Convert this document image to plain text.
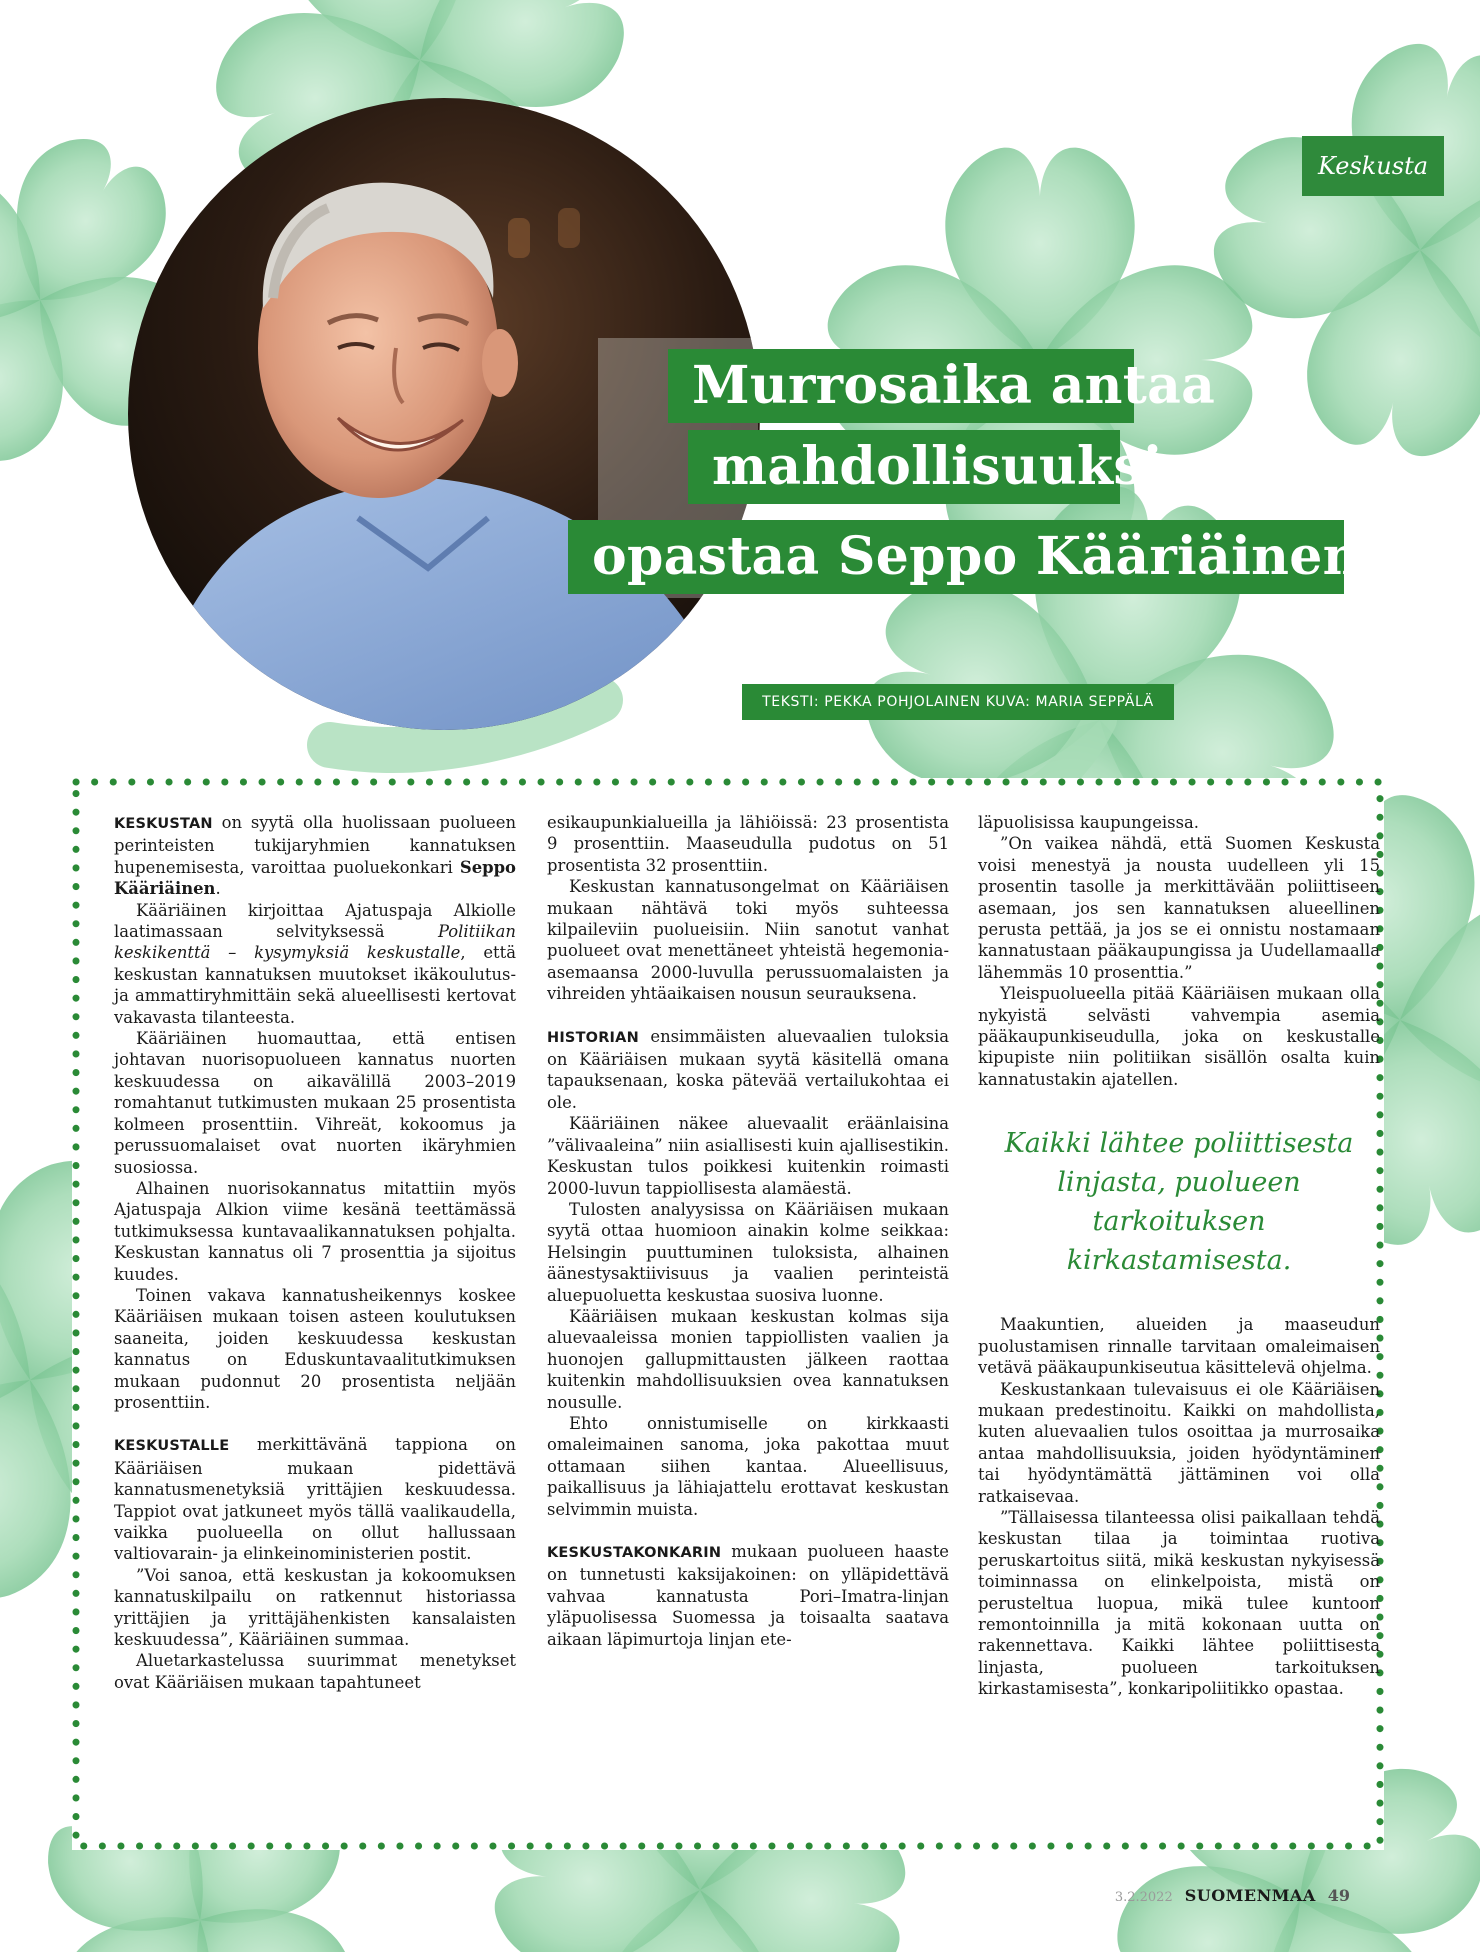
Keskusta
Murrosaika antaa
mahdollisuuksia,
opastaa Seppo Kääriäinen
TEKSTI: PEKKA POHJOLAINEN KUVA: MARIA SEPPÄLÄ

KESKUSTAN on syytä olla huolissaan puolueen perinteisten tukijaryhmien kannatuksen hupenemisesta, varoittaa puoluekonkari Seppo Kääriäinen.

Kääriäinen kirjoittaa Ajatuspaja Alkiolle laatimassaan selvityksessä Politiikan keskikenttä – kysymyksiä keskustalle, että keskustan kannatuksen muutokset ikäkoulutus- ja ammattiryhmittäin sekä alueellisesti kertovat vakavasta tilanteesta.

Kääriäinen huomauttaa, että entisen johtavan nuorisopuolueen kannatus nuorten keskuudessa on aikavälillä 2003–2019 romahtanut tutkimusten mukaan 25 prosentista kolmeen prosenttiin. Vihreät, kokoomus ja perussuomalaiset ovat nuorten ikäryhmien suosiossa.

Alhainen nuorisokannatus mitattiin myös Ajatuspaja Alkion viime kesänä teettämässä tutkimuksessa kuntavaalikannatuksen pohjalta. Keskustan kannatus oli 7 prosenttia ja sijoitus kuudes.

Toinen vakava kannatusheikennys koskee Kääriäisen mukaan toisen asteen koulutuksen saaneita, joiden keskuudessa keskustan kannatus on Eduskuntavaalitutkimuksen mukaan pudonnut 20 prosentista neljään prosenttiin.

KESKUSTALLE merkittävänä tappiona on Kääriäisen mukaan pidettävä kannatusmenetyksiä yrittäjien keskuudessa. Tappiot ovat jatkuneet myös tällä vaalikaudella, vaikka puolueella on ollut hallussaan valtiovarain- ja elinkeinoministerien postit.

”Voi sanoa, että keskustan ja kokoomuksen kannatuskilpailu on ratkennut historiassa yrittäjien ja yrittäjähenkisten kansalaisten keskuudessa”, Kääriäinen summaa.

Aluetarkastelussa suurimmat menetykset ovat Kääriäisen mukaan tapahtuneet

esikaupunkialueilla ja lähiöissä: 23 prosentista 9 prosenttiin. Maaseudulla pudotus on 51 prosentista 32 prosenttiin.

Keskustan kannatusongelmat on Kääriäisen mukaan nähtävä toki myös suhteessa kilpaileviin puolueisiin. Niin sanotut vanhat puolueet ovat menettäneet yhteistä hegemonia-asemaansa 2000-luvulla perussuomalaisten ja vihreiden yhtäaikaisen nousun seurauksena.

HISTORIAN ensimmäisten aluevaalien tuloksia on Kääriäisen mukaan syytä käsitellä omana tapauksenaan, koska pätevää vertailukohtaa ei ole.

Kääriäinen näkee aluevaalit eräänlaisina ”välivaaleina” niin asiallisesti kuin ajallisestikin. Keskustan tulos poikkesi kuitenkin roimasti 2000-luvun tappiollisesta alamäestä.

Tulosten analyysissa on Kääriäisen mukaan syytä ottaa huomioon ainakin kolme seikkaa: Helsingin puuttuminen tuloksista, alhainen äänestysaktiivisuus ja vaalien perinteistä aluepuoluetta keskustaa suosiva luonne.

Kääriäisen mukaan keskustan kolmas sija aluevaaleissa monien tappiollisten vaalien ja huonojen gallupmittausten jälkeen raottaa kuitenkin mahdollisuuksien ovea kannatuksen nousulle.

Ehto onnistumiselle on kirkkaasti omaleimainen sanoma, joka pakottaa muut ottamaan siihen kantaa. Alueellisuus, paikallisuus ja lähiajattelu erottavat keskustan selvimmin muista.

KESKUSTAKONKARIN mukaan puolueen haaste on tunnetusti kaksijakoinen: on ylläpidettävä vahvaa kannatusta Pori–Imatra-linjan yläpuolisessa Suomessa ja toisaalta saatava aikaan läpimurtoja linjan ete-

läpuolisissa kaupungeissa.

”On vaikea nähdä, että Suomen Keskusta voisi menestyä ja nousta uudelleen yli 15 prosentin tasolle ja merkittävään poliittiseen asemaan, jos sen kannatuksen alueellinen perusta pettää, ja jos se ei onnistu nostamaan kannatustaan pääkaupungissa ja Uudellamaalla lähemmäs 10 prosenttia.”

Yleispuolueella pitää Kääriäisen mukaan olla nykyistä selvästi vahvempia asemia pääkaupunkiseudulla, joka on keskustalle kipupiste niin politiikan sisällön osalta kuin kannatustakin ajatellen.

Kaikki lähtee poliittisesta linjasta, puolueen tarkoituksen kirkastamisesta.

Maakuntien, alueiden ja maaseudun puolustamisen rinnalle tarvitaan omaleimaisen vetävä pääkaupunkiseutua käsittelevä ohjelma.

Keskustankaan tulevaisuus ei ole Kääriäisen mukaan predestinoitu. Kaikki on mahdollista, kuten aluevaalien tulos osoittaa ja murrosaika antaa mahdollisuuksia, joiden hyödyntäminen tai hyödyntämättä jättäminen voi olla ratkaisevaa.

”Tällaisessa tilanteessa olisi paikallaan tehdä keskustan tilaa ja toimintaa ruotiva peruskartoitus siitä, mikä keskustan nykyisessä toiminnassa on elinkelpoista, mistä on perusteltua luopua, mikä tulee kuntoon remontoinnilla ja mitä kokonaan uutta on rakennettava. Kaikki lähtee poliittisesta linjasta, puolueen tarkoituksen kirkastamisesta”, konkaripoliitikko opastaa.

3.2.2022 SUOMENMAA 49
